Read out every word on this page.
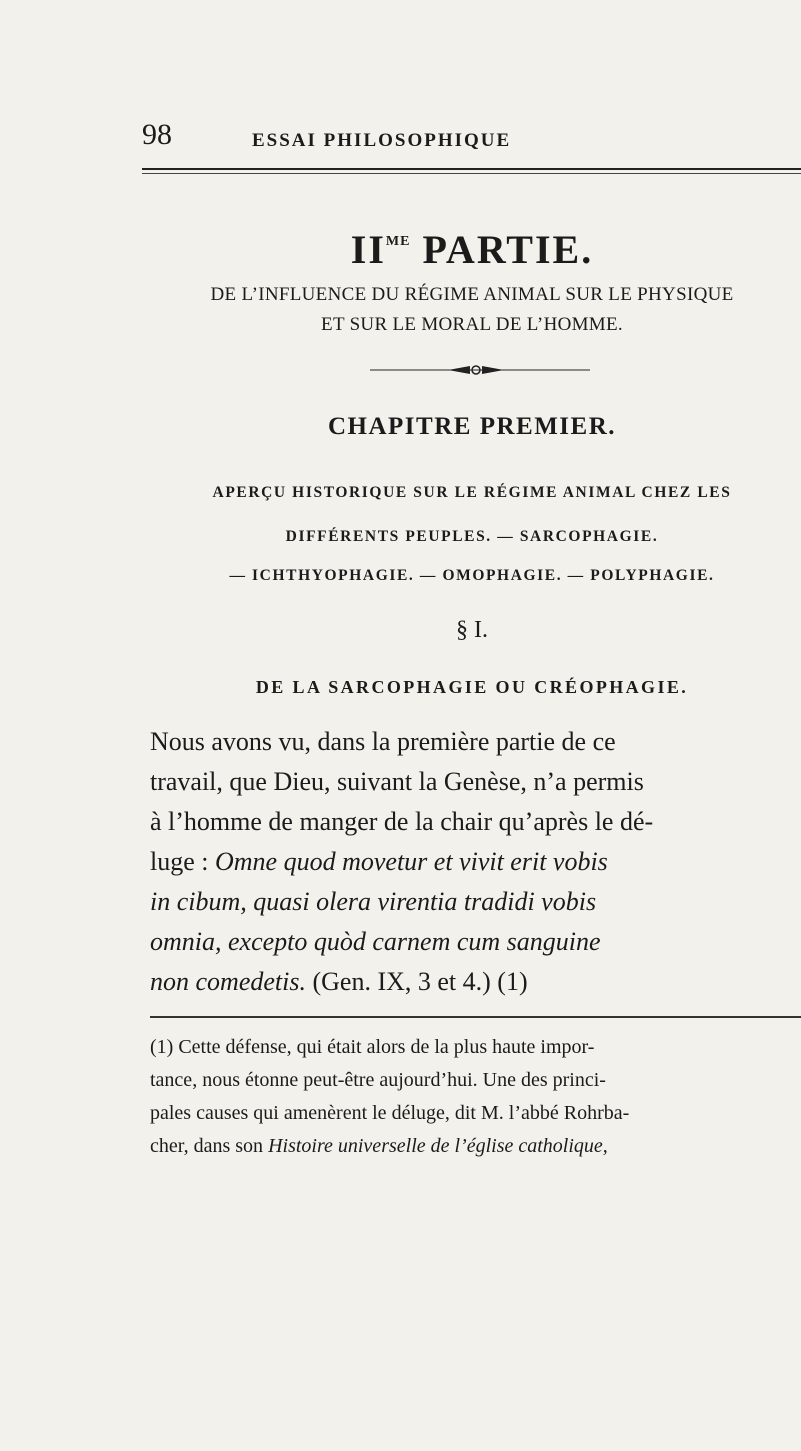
98	ESSAI PHILOSOPHIQUE
$II^{ME}$ PARTIE.
DE L’INFLUENCE DU RÉGIME ANIMAL SUR LE PHYSIQUE
ET SUR LE MORAL DE L’HOMME.
CHAPITRE PREMIER.
APERÇU HISTORIQUE SUR LE RÉGIME ANIMAL CHEZ LES
DIFFÉRENTS PEUPLES. — SARCOPHAGIE.
— ICHTHYOPHAGIE. — OMOPHAGIE. — POLYPHAGIE.
§ I.
DE LA SARCOPHAGIE OU CRÉOPHAGIE.
Nous avons vu, dans la première partie de ce
travail, que Dieu, suivant la Genèse, n’a permis
à l’homme de manger de la chair qu’après le dé-
luge : Omne quod movetur et vivit erit vobis
in cibum, quasi olera virentia tradidi vobis
omnia, excepto quòd carnem cum sanguine
non comedetis. (Gen. IX, 3 et 4.) (1)
(1) Cette défense, qui était alors de la plus haute impor-
tance, nous étonne peut-être aujourd’hui. Une des princi-
pales causes qui amenèrent le déluge, dit M. l’abbé Rohrba-
cher, dans son Histoire universelle de l’église catholique,
